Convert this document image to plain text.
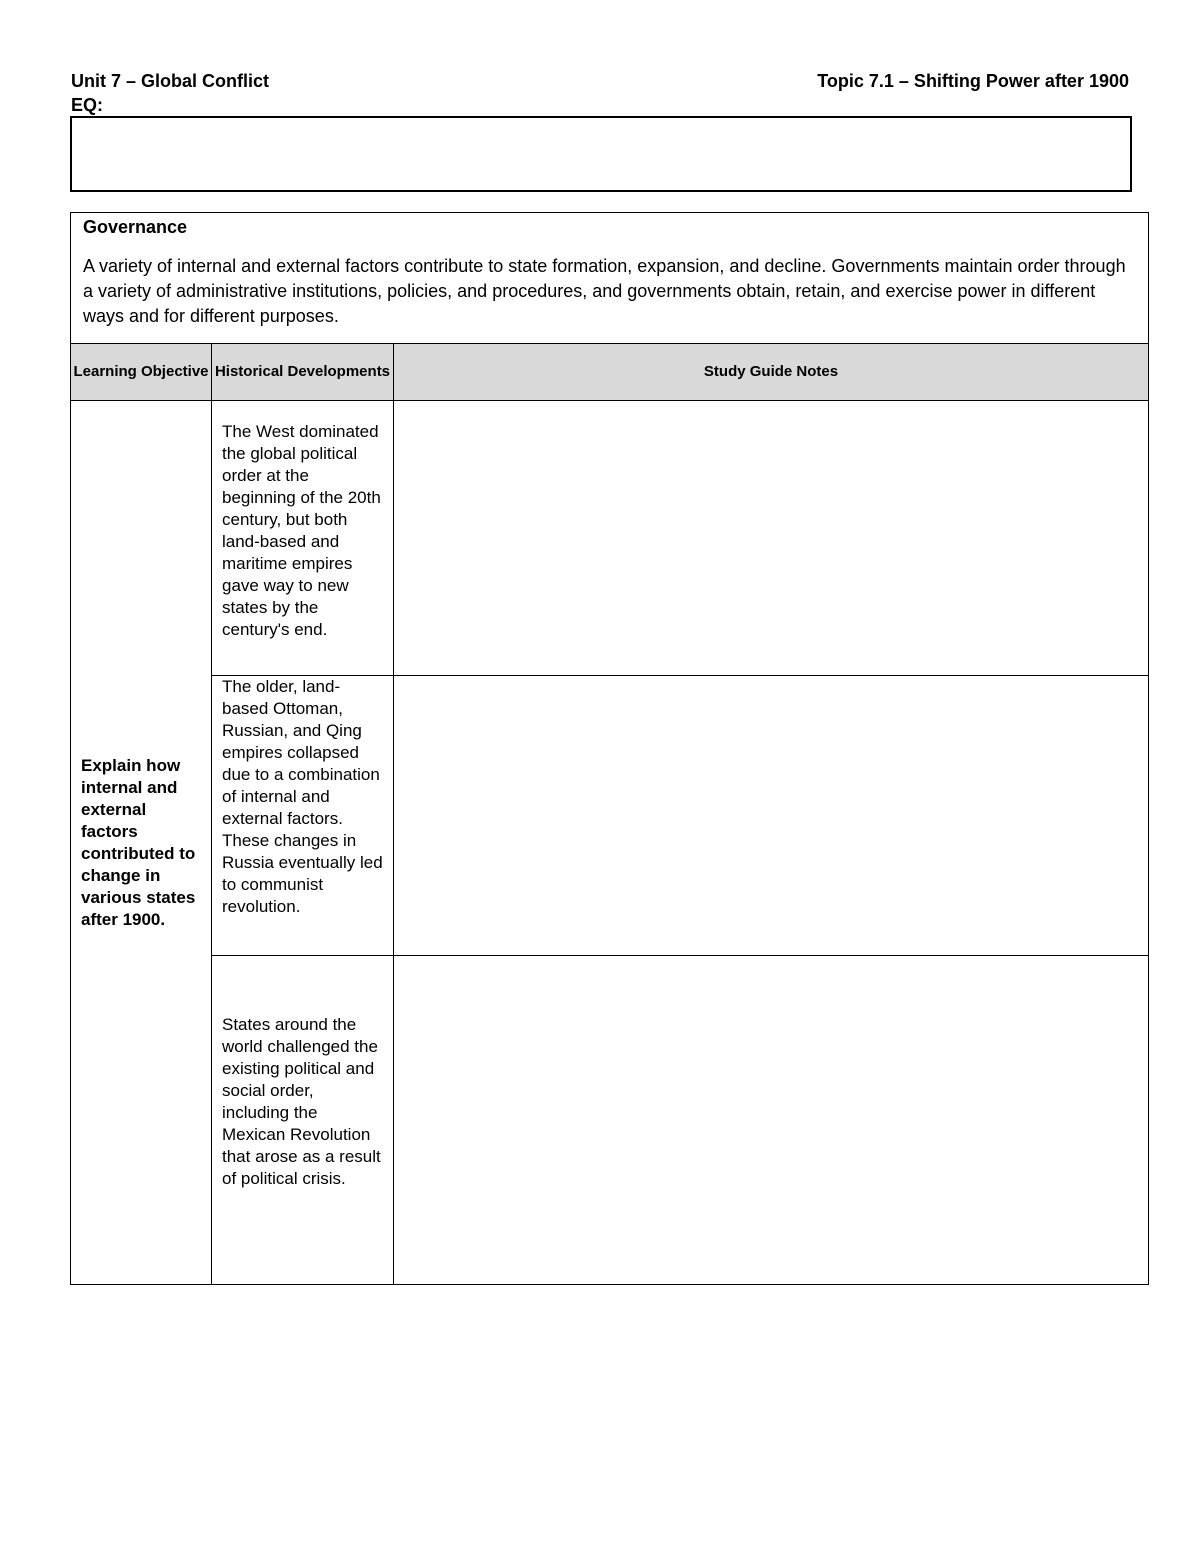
Unit 7 – Global Conflict	Topic 7.1 – Shifting Power after 1900
EQ:
Governance
A variety of internal and external factors contribute to state formation, expansion, and decline. Governments maintain order through a variety of administrative institutions, policies, and procedures, and governments obtain, retain, and exercise power in different ways and for different purposes.		

Learning Objective	Historical Developments	Study Guide Notes
Explain how internal and external factors contributed to change in various states after 1900.	The West dominated the global political order at the beginning of the 20th century, but both land-based and maritime empires gave way to new states by the century's end.	
	The older, land-based Ottoman, Russian, and Qing empires collapsed due to a combination of internal and external factors. These changes in Russia eventually led to communist revolution.	
	States around the world challenged the existing political and social order, including the Mexican Revolution that arose as a result of political crisis.	
